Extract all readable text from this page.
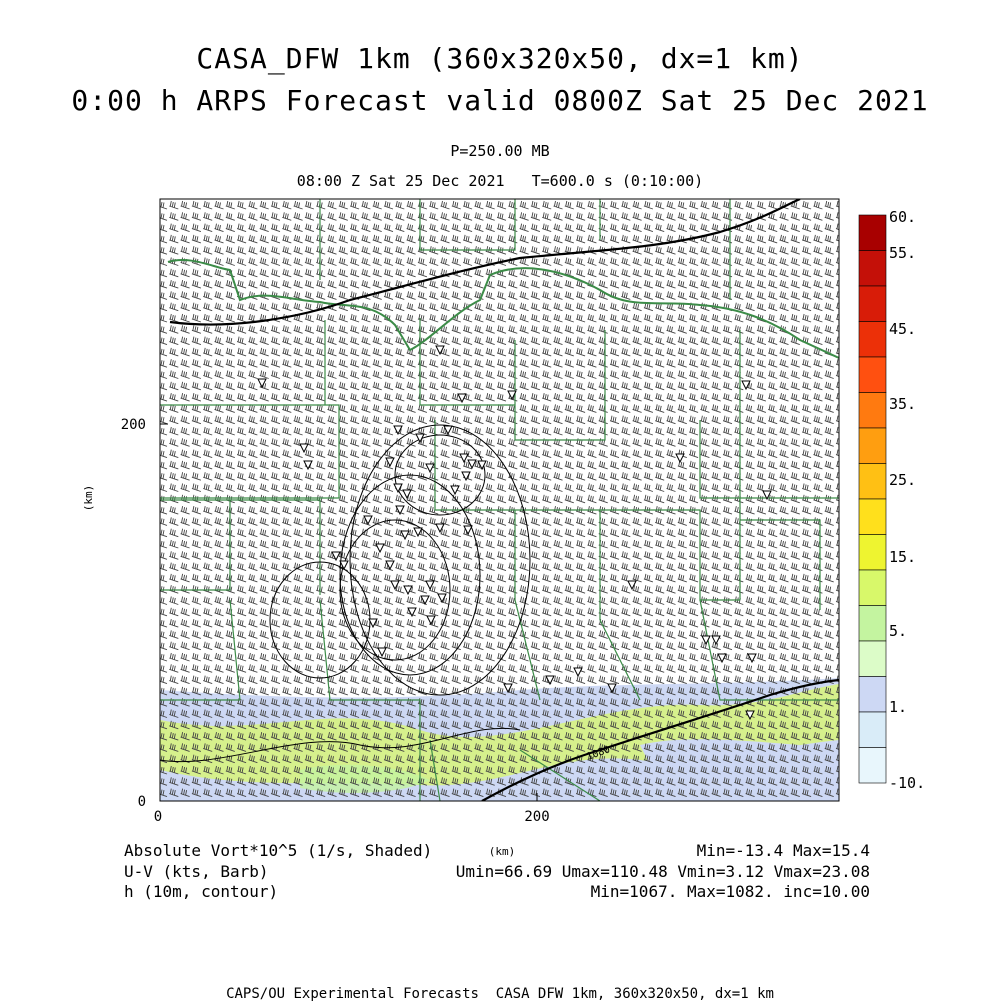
CASA_DFW 1km (360x320x50, dx=1 km)
0:00 h ARPS Forecast valid 0800Z Sat 25 Dec 2021
P=250.00 MB
08:00 Z Sat 25 Dec 2021   T=600.0 s (0:10:00)
1080
0	200
0
200
(km)
(km)
60.
55.
45.
35.
25.
15.
5.
1.
-10.
Absolute Vort*10^5 (1/s, Shaded)
U-V (kts, Barb)
h (10m, contour)
Min=-13.4 Max=15.4
Umin=66.69 Umax=110.48 Vmin=3.12 Vmax=23.08
Min=1067. Max=1082. inc=10.00
CAPS/OU Experimental Forecasts  CASA DFW 1km, 360x320x50, dx=1 km
